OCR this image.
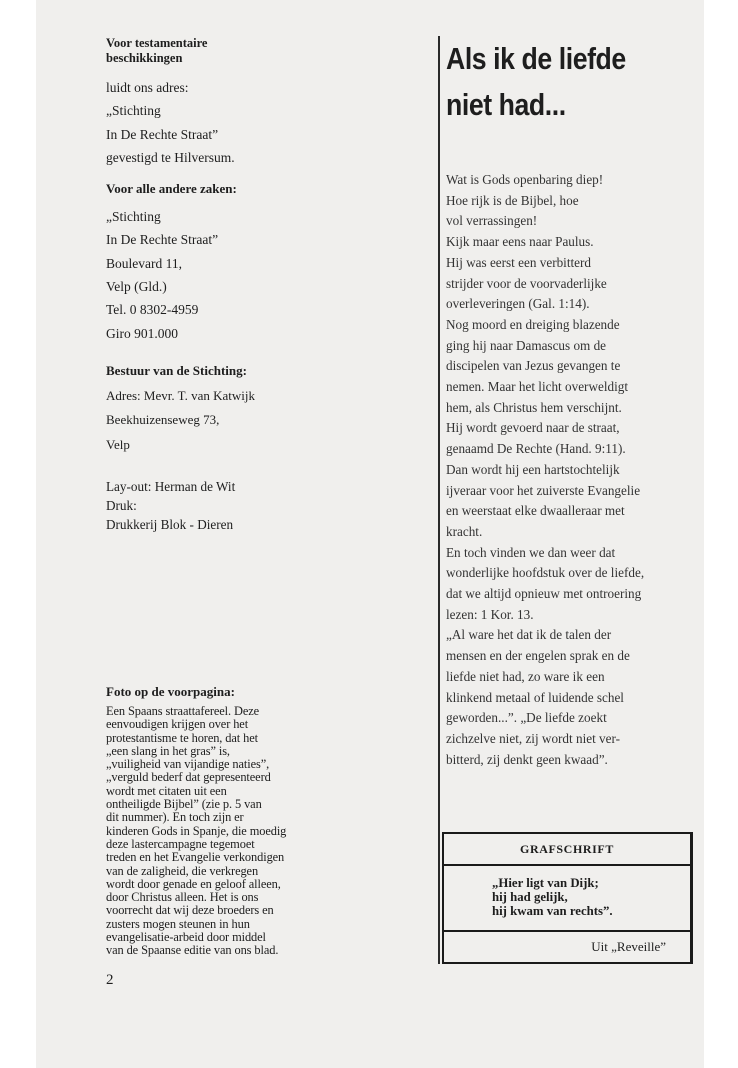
Voor testamentaire

beschikkingen

luidt ons adres:

„Stichting

In De Rechte Straat”

gevestigd te Hilversum.

Voor alle andere zaken:

„Stichting

In De Rechte Straat”

Boulevard 11,

Velp (Gld.)

Tel. 0 8302-4959

Giro 901.000

Bestuur van de Stichting:

Adres: Mevr. T. van Katwijk

Beekhuizenseweg 73,

Velp

Lay-out: Herman de Wit

Druk:

Drukkerij Blok - Dieren

Foto op de voorpagina:

Een Spaans straattafereel. Deze

eenvoudigen krijgen over het

protestantisme te horen, dat het

„een slang in het gras” is,

„vuiligheid van vijandige naties”,

„verguld bederf dat gepresenteerd

wordt met citaten uit een

ontheiligde Bijbel” (zie p. 5 van

dit nummer). En toch zijn er

kinderen Gods in Spanje, die moedig

deze lastercampagne tegemoet

treden en het Evangelie verkondigen

van de zaligheid, die verkregen

wordt door genade en geloof alleen,

door Christus alleen. Het is ons

voorrecht dat wij deze broeders en

zusters mogen steunen in hun

evangelisatie-arbeid door middel

van de Spaanse editie van ons blad.

Als ik de liefde

niet had...

Wat is Gods openbaring diep!

Hoe rijk is de Bijbel, hoe

vol verrassingen!

Kijk maar eens naar Paulus.

Hij was eerst een verbitterd

strijder voor de voorvaderlijke

overleveringen (Gal. 1:14).

Nog moord en dreiging blazende

ging hij naar Damascus om de

discipelen van Jezus gevangen te

nemen. Maar het licht overweldigt

hem, als Christus hem verschijnt.

Hij wordt gevoerd naar de straat,

genaamd De Rechte (Hand. 9:11).

Dan wordt hij een hartstochtelijk

ijveraar voor het zuiverste Evangelie

en weerstaat elke dwaalleraar met

kracht.

En toch vinden we dan weer dat

wonderlijke hoofdstuk over de liefde,

dat we altijd opnieuw met ontroering

lezen: 1 Kor. 13.

„Al ware het dat ik de talen der

mensen en der engelen sprak en de

liefde niet had, zo ware ik een

klinkend metaal of luidende schel

geworden...”. „De liefde zoekt

zichzelve niet, zij wordt niet ver-

bitterd, zij denkt geen kwaad”.

GRAFSCHRIFT
„Hier ligt van Dijk;
hij had gelijk,
hij kwam van rechts”.
Uit „Reveille”
2
